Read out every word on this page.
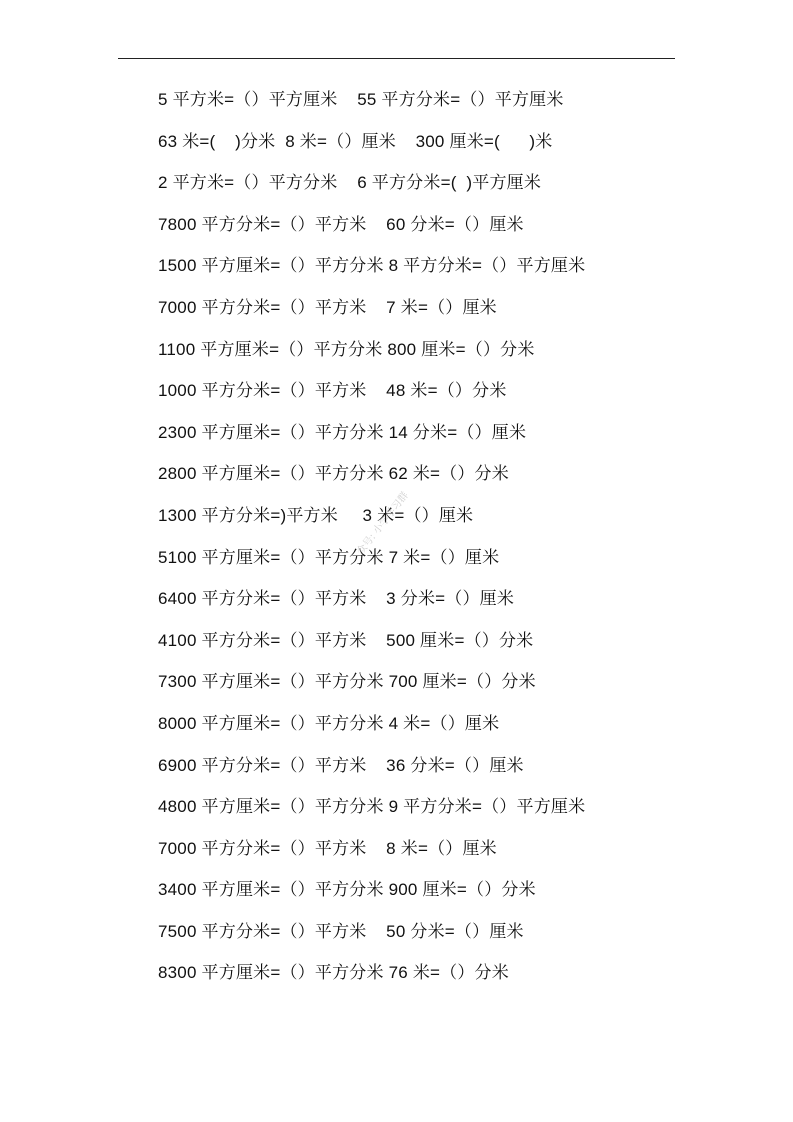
5 平方米=（）平方厘米    55 平方分米=（）平方厘米
63 米=(    )分米  8 米=（）厘米    300 厘米=(      )米
2 平方米=（）平方分米    6 平方分米=(  )平方厘米
7800 平方分米=（）平方米    60 分米=（）厘米
1500 平方厘米=（）平方分米 8 平方分米=（）平方厘米
7000 平方分米=（）平方米    7 米=（）厘米
1100 平方厘米=（）平方分米 800 厘米=（）分米
1000 平方分米=（）平方米    48 米=（）分米
2300 平方厘米=（）平方分米 14 分米=（）厘米
2800 平方厘米=（）平方分米 62 米=（）分米
1300 平方分米=)平方米     3 米=（）厘米
5100 平方厘米=（）平方分米 7 米=（）厘米
6400 平方分米=（）平方米    3 分米=（）厘米
4100 平方分米=（）平方米    500 厘米=（）分米
7300 平方厘米=（）平方分米 700 厘米=（）分米
8000 平方厘米=（）平方分米 4 米=（）厘米
6900 平方分米=（）平方米    36 分米=（）厘米
4800 平方厘米=（）平方分米 9 平方分米=（）平方厘米
7000 平方分米=（）平方米    8 米=（）厘米
3400 平方厘米=（）平方分米 900 厘米=（）分米
7500 平方分米=（）平方米    50 分米=（）厘米
8300 平方厘米=（）平方分米 76 米=（）分米
众号: 小学学习群
